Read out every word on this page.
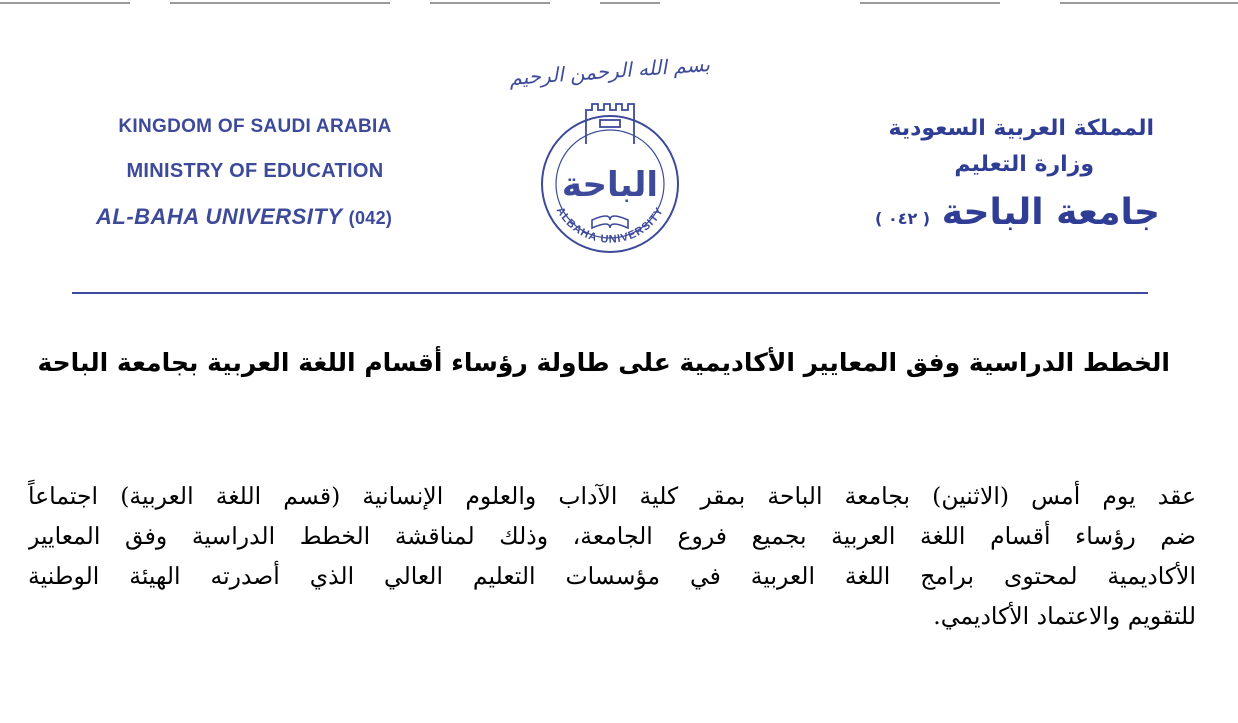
KINGDOM OF SAUDI ARABIA
MINISTRY OF EDUCATION
AL-BAHA UNIVERSITY (042)
بسم الله الرحمن الرحيم
الباحة
ALBAHA UNIVERSITY
المملكة العربية السعودية
وزارة التعليم
جامعة الباحة ( ٠٤٢ )
الخطط الدراسية وفق المعايير الأكاديمية على طاولة رؤساء أقسام اللغة العربية بجامعة الباحة
عقد يوم أمس (الاثنين) بجامعة الباحة بمقر كلية الآداب والعلوم الإنسانية (قسم اللغة العربية) اجتماعاً
ضم رؤساء أقسام اللغة العربية بجميع فروع الجامعة، وذلك لمناقشة الخطط الدراسية وفق المعايير
الأكاديمية لمحتوى برامج اللغة العربية في مؤسسات التعليم العالي الذي أصدرته الهيئة الوطنية
للتقويم والاعتماد الأكاديمي.
